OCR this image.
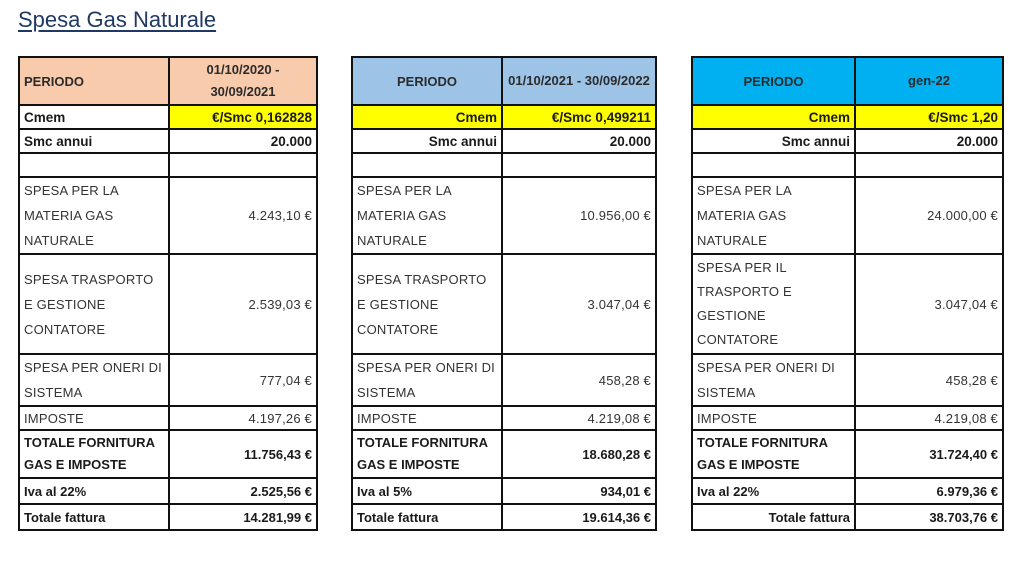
Spesa Gas Naturale
PERIODO	01/10/2020 - 30/09/2021
Cmem	€/Smc 0,162828
Smc annui	20.000

SPESA PER LA MATERIA GAS NATURALE	4.243,10 €
SPESA TRASPORTO E GESTIONE CONTATORE	2.539,03 €
SPESA PER ONERI DI SISTEMA	777,04 €
IMPOSTE	4.197,26 €
TOTALE FORNITURA GAS E IMPOSTE	11.756,43 €
Iva al 22%	2.525,56 €
Totale fattura	14.281,99 €
PERIODO	01/10/2021 - 30/09/2022
Cmem	€/Smc 0,499211
Smc annui	20.000

SPESA PER LA MATERIA GAS NATURALE	10.956,00 €
SPESA TRASPORTO E GESTIONE CONTATORE	3.047,04 €
SPESA PER ONERI DI SISTEMA	458,28 €
IMPOSTE	4.219,08 €
TOTALE FORNITURA GAS E IMPOSTE	18.680,28 €
Iva al 5%	934,01 €
Totale fattura	19.614,36 €
PERIODO	gen-22
Cmem	€/Smc 1,20
Smc annui	20.000

SPESA PER LA MATERIA GAS NATURALE	24.000,00 €
SPESA PER IL TRASPORTO E GESTIONE CONTATORE	3.047,04 €
SPESA PER ONERI DI SISTEMA	458,28 €
IMPOSTE	4.219,08 €
TOTALE FORNITURA GAS E IMPOSTE	31.724,40 €
Iva al 22%	6.979,36 €
Totale fattura	38.703,76 €
